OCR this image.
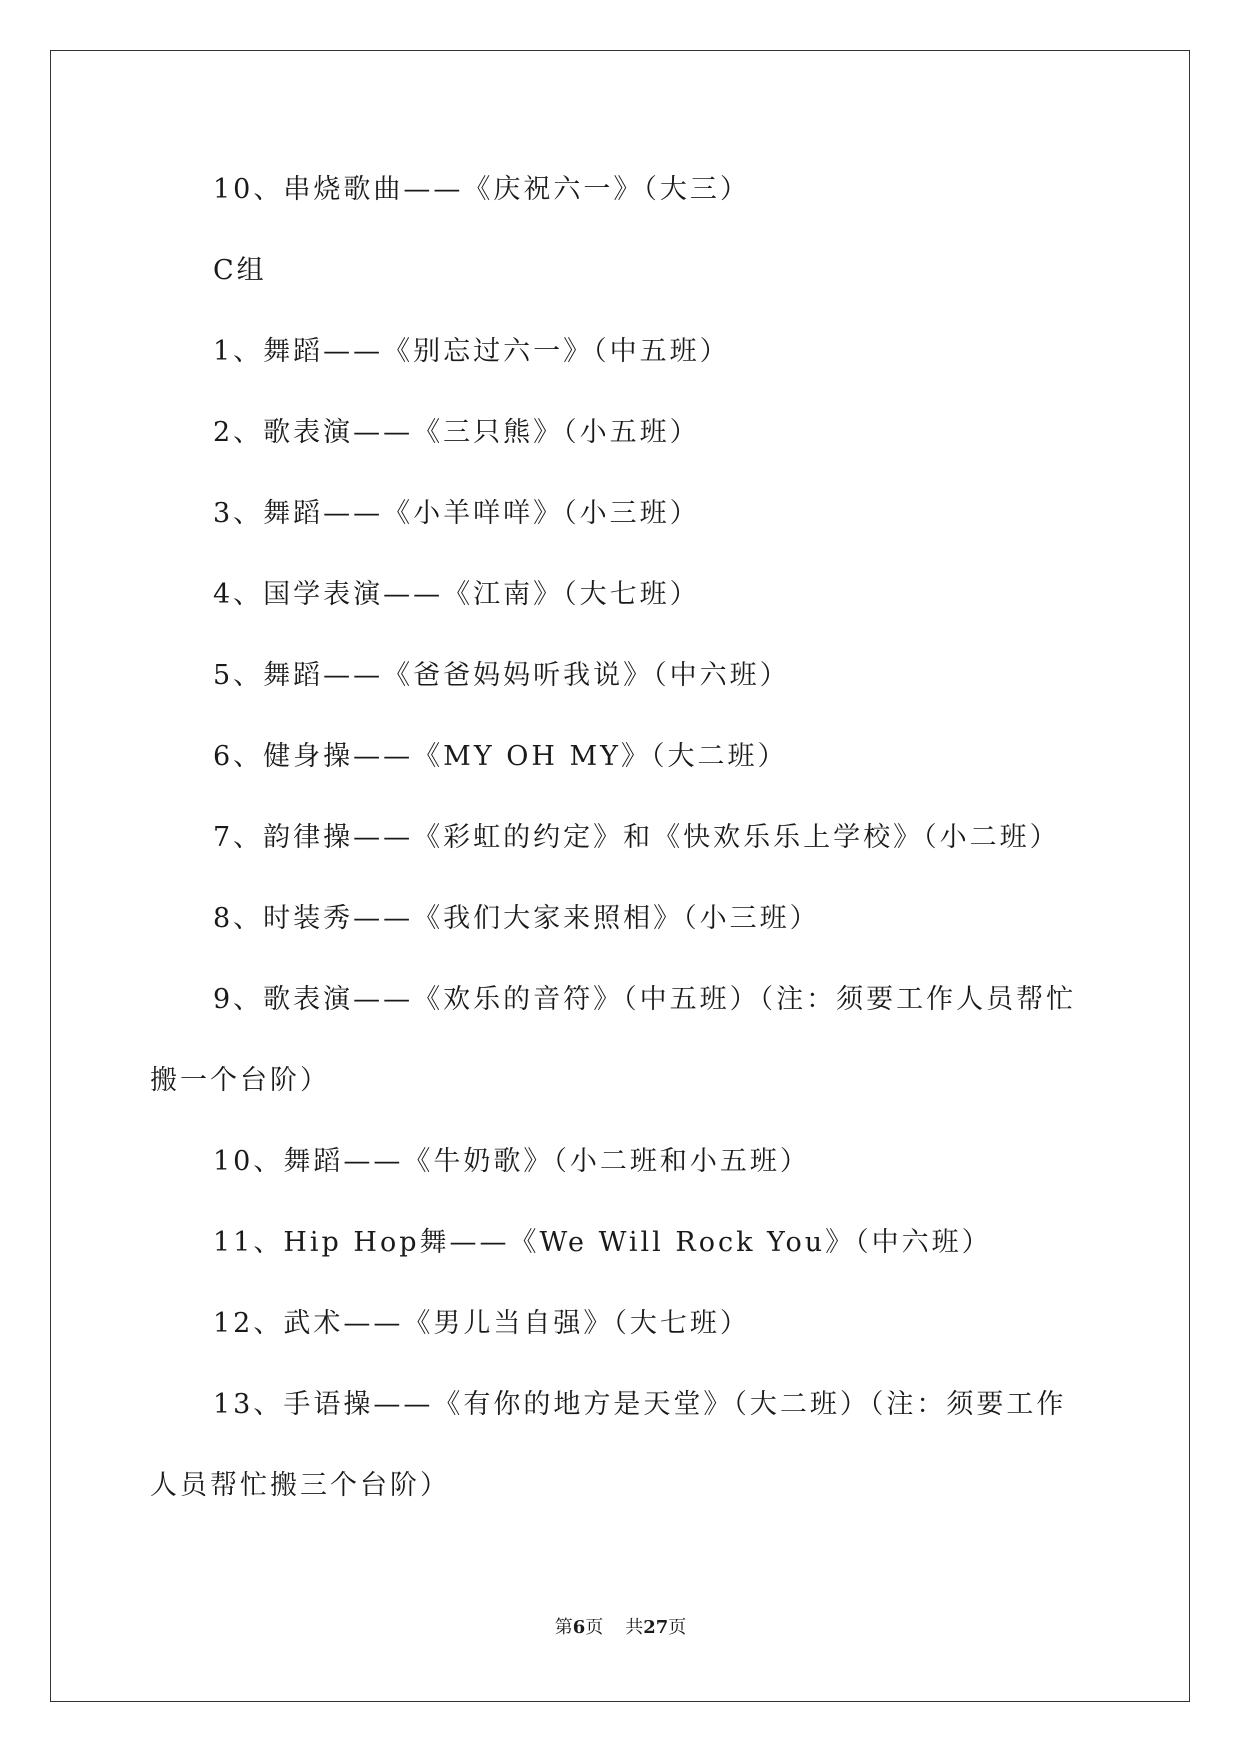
10、串烧歌曲——《庆祝六一》（大三）
C组
1、舞蹈——《别忘过六一》（中五班）
2、歌表演——《三只熊》（小五班）
3、舞蹈——《小羊咩咩》（小三班）
4、国学表演——《江南》（大七班）
5、舞蹈——《爸爸妈妈听我说》（中六班）
6、健身操——《MY OH MY》（大二班）
7、韵律操——《彩虹的约定》和《快欢乐乐上学校》（小二班）
8、时装秀——《我们大家来照相》（小三班）
9、歌表演——《欢乐的音符》（中五班）（注：须要工作人员帮忙
搬一个台阶）
10、舞蹈——《牛奶歌》（小二班和小五班）
11、Hip Hop舞——《We Will Rock You》（中六班）
12、武术——《男儿当自强》（大七班）
13、手语操——《有你的地方是天堂》（大二班）（注：须要工作
人员帮忙搬三个台阶）
第6页 共27页
